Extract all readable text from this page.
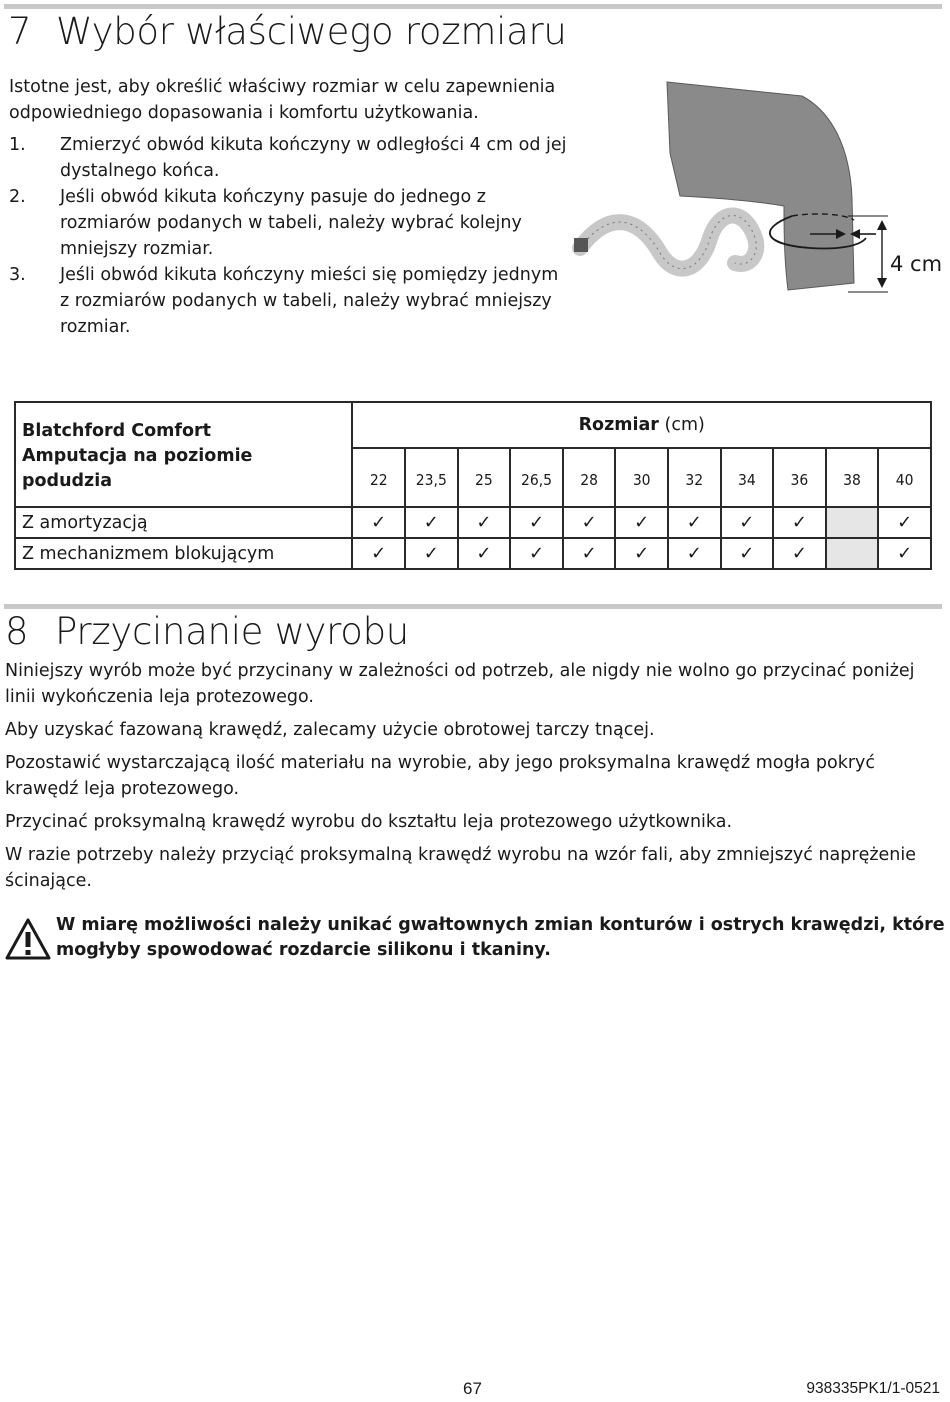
7 Wybór właściwego rozmiaru

Istotne jest, aby określić właściwy rozmiar w celu zapewnienia odpowiedniego dopasowania i komfortu użytkowania.

1. Zmierzyć obwód kikuta kończyny w odległości 4 cm od jej dystalnego końca.
2. Jeśli obwód kikuta kończyny pasuje do jednego z rozmiarów podanych w tabeli, należy wybrać kolejny mniejszy rozmiar.
3. Jeśli obwód kikuta kończyny mieści się pomiędzy jednym z rozmiarów podanych w tabeli, należy wybrać mniejszy rozmiar.
4 cm
Blatchford Comfort
Amputacja na poziomie podudzia	Rozmiar (cm)										
	22	23,5	25	26,5	28	30	32	34	36	38	40
Z amortyzacją	✓	✓	✓	✓	✓	✓	✓	✓	✓		✓
Z mechanizmem blokującym	✓	✓	✓	✓	✓	✓	✓	✓	✓		✓
8 Przycinanie wyrobu

Niniejszy wyrób może być przycinany w zależności od potrzeb, ale nigdy nie wolno go przycinać poniżej linii wykończenia leja protezowego.

Aby uzyskać fazowaną krawędź, zalecamy użycie obrotowej tarczy tnącej.

Pozostawić wystarczającą ilość materiału na wyrobie, aby jego proksymalna krawędź mogła pokryć krawędź leja protezowego.

Przycinać proksymalną krawędź wyrobu do kształtu leja protezowego użytkownika.

W razie potrzeby należy przyciąć proksymalną krawędź wyrobu na wzór fali, aby zmniejszyć naprężenie ścinające.

W miarę możliwości należy unikać gwałtownych zmian konturów i ostrych krawędzi, które mogłyby spowodować rozdarcie silikonu i tkaniny.
67	938335PK1/1-0521
